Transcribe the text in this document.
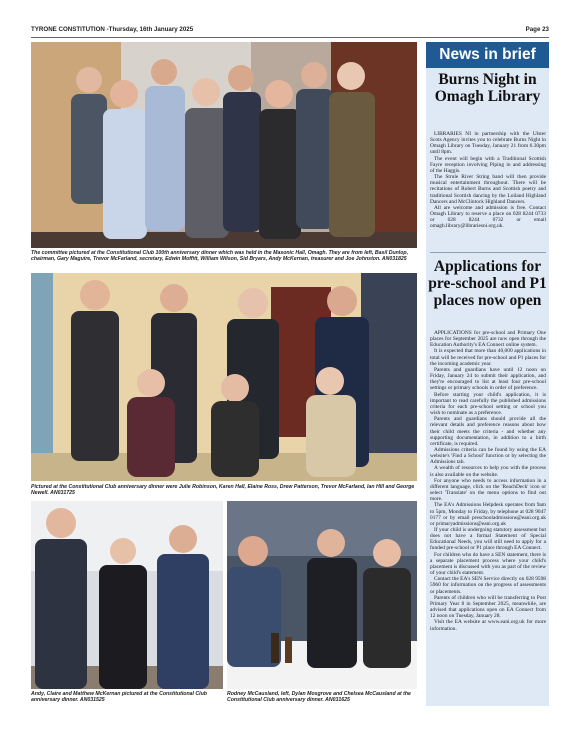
TYRONE CONSTITUTION -Thursday, 16th January 2025	Page 23
The committee pictured at the Constitutional Club 100th anniversary dinner which was held in the Masonic Hall, Omagh. They are from left, Basil Dunlop, chairman, Gary Maguire, Trevor McFarland, secretary, Edwin Moffitt, William Wilson, Sid Bryars, Andy McKernan, treasurer and Joe Johnston. AN031825
Pictured at the Constitutional Club anniversary dinner were Julie Robinson, Karen Hall, Elaine Ross, Drew Patterson, Trevor McFarland, Ian Hill and George Newell. AN031725
Andy, Claire and Matthew McKernan pictured at the Constitutional Club anniversary dinner. AN031525
Rodney McCausland, left, Dylan Mosgrove and Chelsea McCausland at the Constitutional Club anniversary dinner. AN031625
News in brief
Burns Night in Omagh Library

LIBRARIES NI in partnership with the Ulster Scots Agency invites you to celebrate Burns Night in Omagh Library on Tuesday, January 21 from 6.30pm until 8pm.

The event will begin with a Traditional Scottish Fayre reception involving Piping in and addressing of the Haggis.

The Strule River String band will then provide musical entertainment throughout. There will be recitations of Robert Burns and Scottish poetry and traditional Scottish dancing by the Loiland Highland Dancers and McClintock Highland Dancers.

All are welcome and admission is free. Contact Omagh Library to reserve a place on 028 8244 0733 or 028 8244 0732 or email omagh.library@librariesni.org.uk.

Applications for pre-school and P1 places now open

APPLICATIONS for pre-school and Primary One places for September 2025 are now open through the Education Authority's EA Connect online system.

It is expected that more than 40,000 applications in total will be received for pre-school and P1 places for the incoming academic year.

Parents and guardians have until 12 noon on Friday, January 24 to submit their application, and they're encouraged to list at least four pre-school settings or primary schools in order of preference.

Before starting your child's application, it is important to read carefully the published admissions criteria for each pre-school setting or school you wish to nominate as a preference.

Parents and guardians should provide all the relevant details and preference reasons about how their child meets the criteria - and whether any supporting documentation, in addition to a birth certificate, is required.

Admissions criteria can be found by using the EA website's 'Find a School' function or by selecting the Admissions tab.

A wealth of resources to help you with the process is also available on the website.

For anyone who needs to access information in a different language, click on the 'ReachDeck' icon or select 'Translate' on the menu options to find out more.

The EA's Admissions Helpdesk operates from 9am to 5pm, Monday to Friday, by telephone at 028 9047 0177 or by email preschooladmissions@eani.org.uk or primaryadmissions@eani.org.uk

If your child is undergoing statutory assessment but does not have a formal Statement of Special Educational Needs, you will still need to apply for a funded pre-school or P1 place through EA Connect.

For children who do have a SEN statement, there is a separate placement process where your child's placement is discussed with you as part of the review of your child's statement.

Contact the EA's SEN Service directly on 028 9598 5960 for information on the progress of assessments or placements.

Parents of children who will be transferring to Post Primary Year 8 in September 2025, meanwhile, are advised that applications open on EA Connect from 12 noon on Tuesday, January 28.

Visit the EA website at www.eani.org.uk for more information.
